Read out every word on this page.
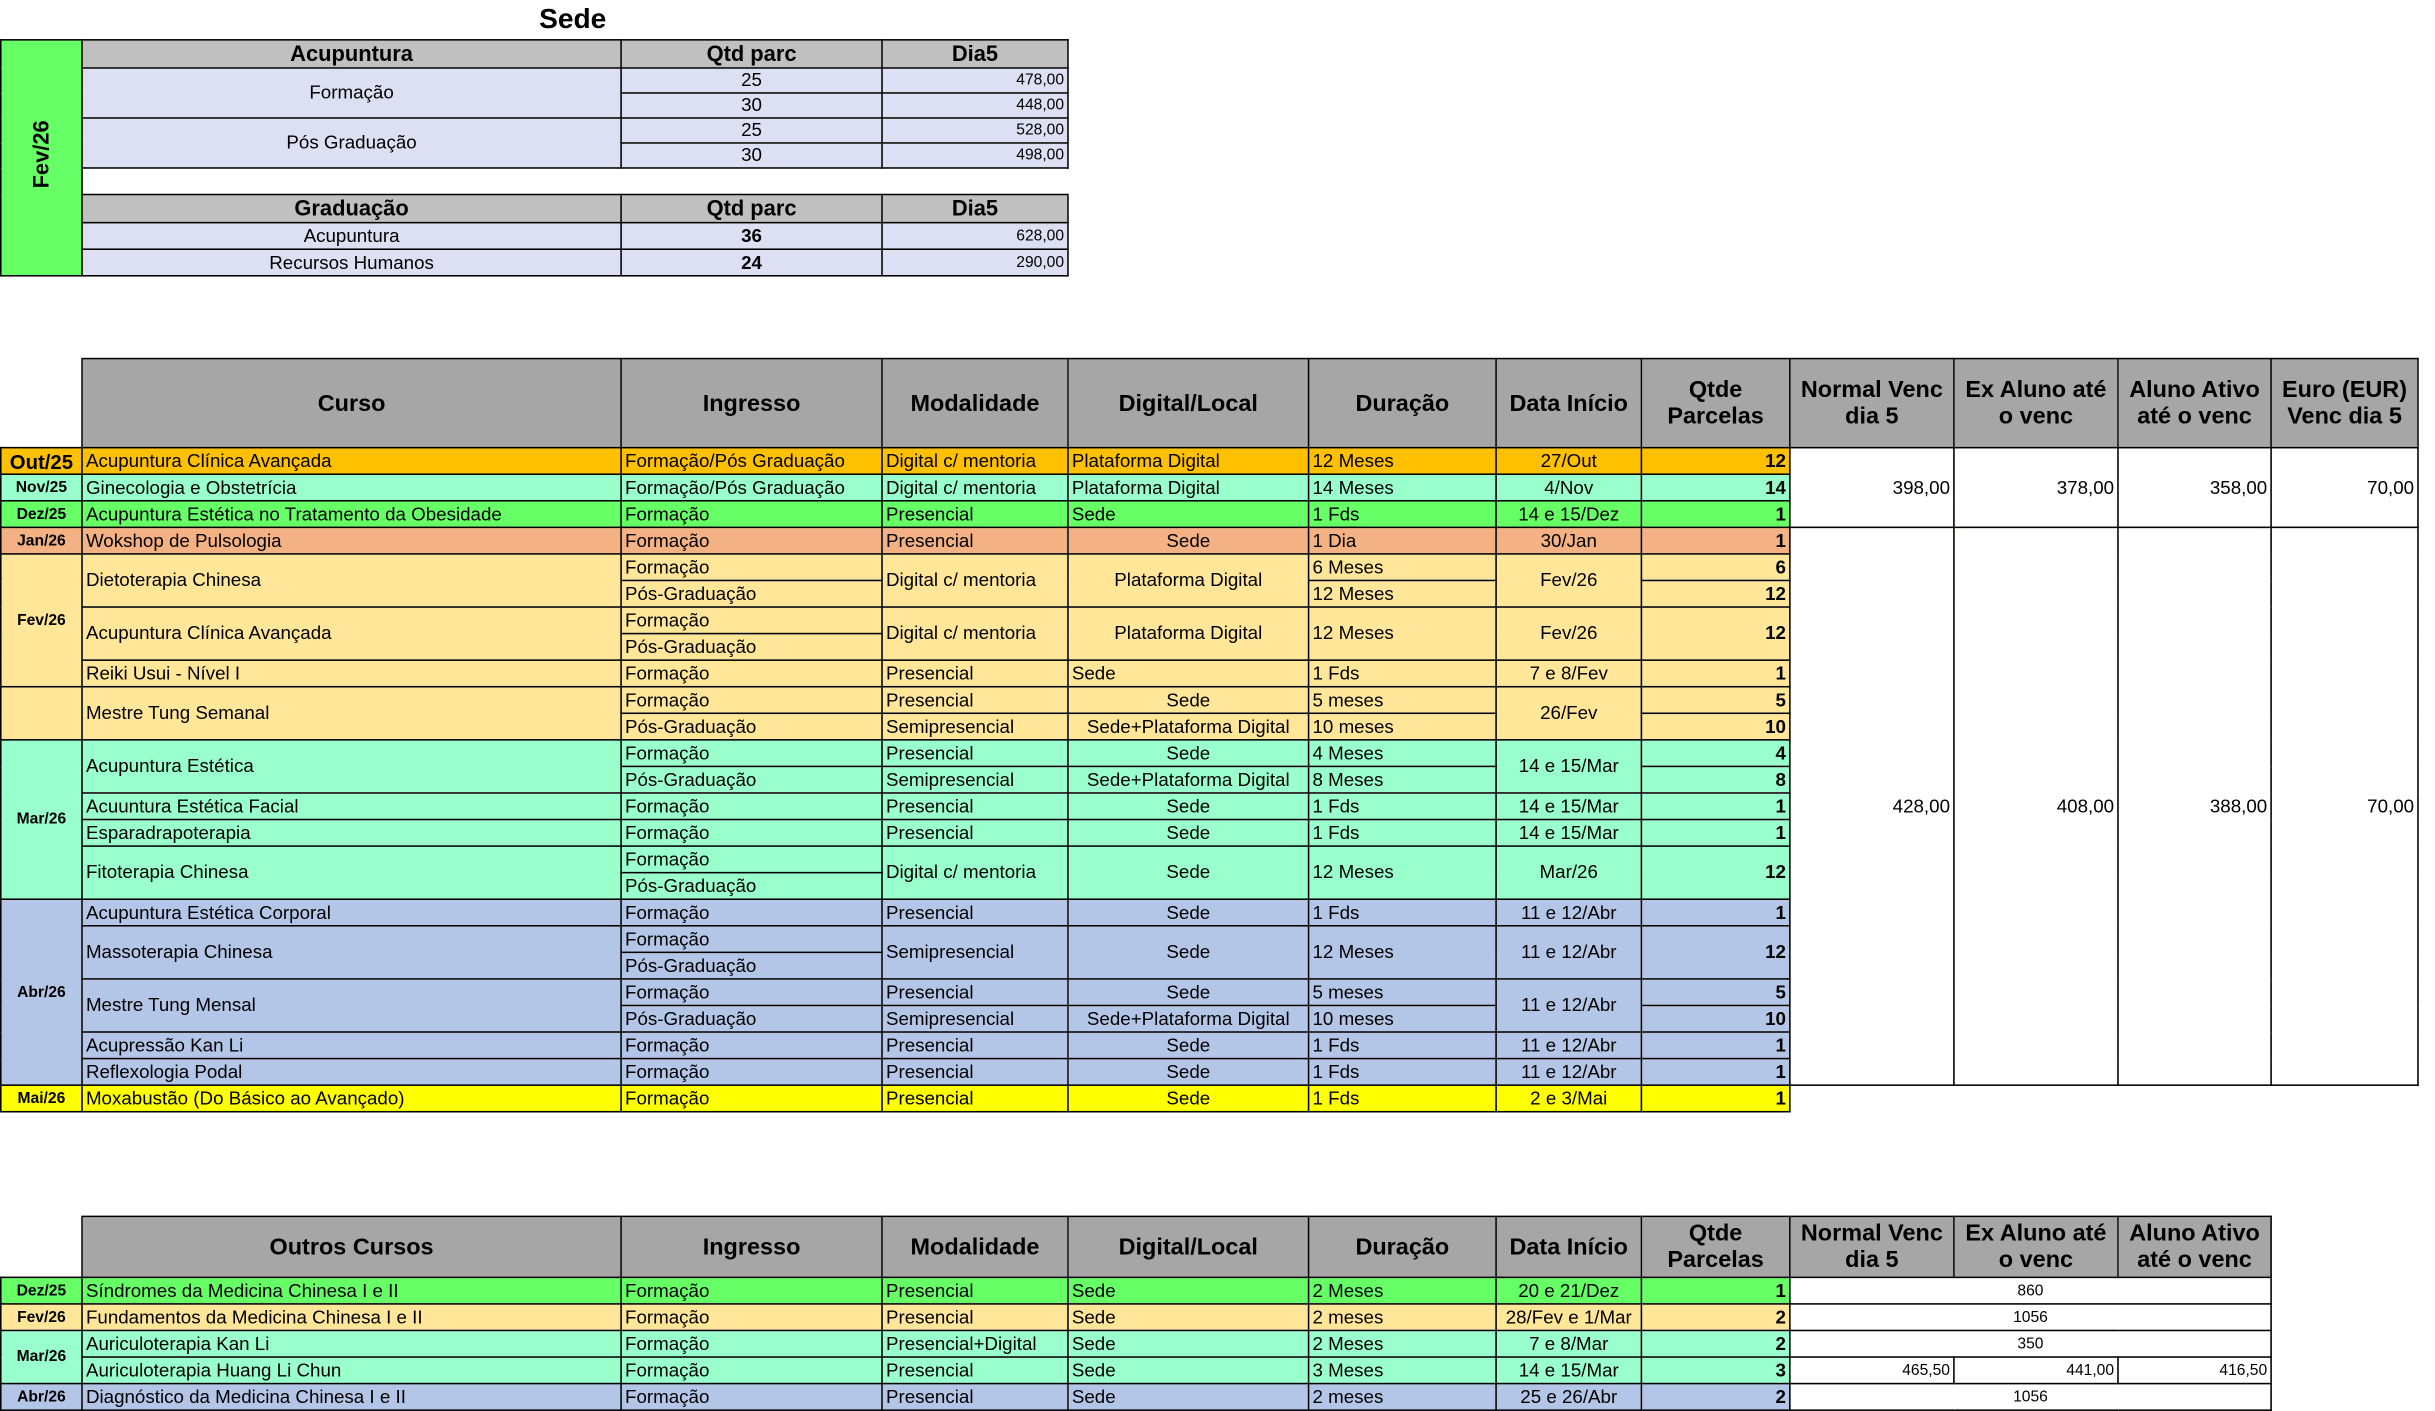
Sede
Fev/26	Acupuntura	Qtd parc	Dia5
	Formação	25	478,00
		30	448,00
	Pós Graduação	25	528,00
		30	498,00

	Graduação	Qtd parc	Dia5
	Acupuntura	36	628,00
	Recursos Humanos	24	290,00
	Curso	Ingresso	Modalidade	Digital/Local	Duração	Data Início	Qtde Parcelas	Normal Venc dia 5	Ex Aluno até o venc	Aluno Ativo até o venc	Euro (EUR) Venc dia 5
Out/25	Acupuntura Clínica Avançada	Formação/Pós Graduação	Digital c/ mentoria	Plataforma Digital	12 Meses	27/Out	12	398,00	378,00	358,00	70,00
Nov/25	Ginecologia e Obstetrícia	Formação/Pós Graduação	Digital c/ mentoria	Plataforma Digital	14 Meses	4/Nov	14				
Dez/25	Acupuntura Estética no Tratamento da Obesidade	Formação	Presencial	Sede	1 Fds	14 e 15/Dez	1				
Jan/26	Wokshop de Pulsologia	Formação	Presencial	Sede	1 Dia	30/Jan	1	428,00	408,00	388,00	70,00
Fev/26	Dietoterapia Chinesa	Formação	Digital c/ mentoria	Plataforma Digital	6 Meses	Fev/26	6				
		Pós-Graduação			12 Meses		12				
	Acupuntura Clínica Avançada	Formação	Digital c/ mentoria	Plataforma Digital	12 Meses	Fev/26	12				
		Pós-Graduação									
	Reiki Usui - Nível I	Formação	Presencial	Sede	1 Fds	7 e 8/Fev	1				
	Mestre Tung Semanal	Formação	Presencial	Sede	5 meses	26/Fev	5				
		Pós-Graduação	Semipresencial	Sede+Plataforma Digital	10 meses		10				
Mar/26	Acupuntura Estética	Formação	Presencial	Sede	4 Meses	14 e 15/Mar	4				
		Pós-Graduação	Semipresencial	Sede+Plataforma Digital	8 Meses		8				
	Acuuntura Estética Facial	Formação	Presencial	Sede	1 Fds	14 e 15/Mar	1				
	Esparadrapoterapia	Formação	Presencial	Sede	1 Fds	14 e 15/Mar	1				
	Fitoterapia Chinesa	Formação	Digital c/ mentoria	Sede	12 Meses	Mar/26	12				
		Pós-Graduação									
Abr/26	Acupuntura Estética Corporal	Formação	Presencial	Sede	1 Fds	11 e 12/Abr	1				
	Massoterapia Chinesa	Formação	Semipresencial	Sede	12 Meses	11 e 12/Abr	12				
		Pós-Graduação									
	Mestre Tung Mensal	Formação	Presencial	Sede	5 meses	11 e 12/Abr	5				
		Pós-Graduação	Semipresencial	Sede+Plataforma Digital	10 meses		10				
	Acupressão Kan Li	Formação	Presencial	Sede	1 Fds	11 e 12/Abr	1				
	Reflexologia Podal	Formação	Presencial	Sede	1 Fds	11 e 12/Abr	1				
Mai/26	Moxabustão (Do Básico ao Avançado)	Formação	Presencial	Sede	1 Fds	2 e 3/Mai	1				
	Outros Cursos	Ingresso	Modalidade	Digital/Local	Duração	Data Início	Qtde Parcelas	Normal Venc dia 5	Ex Aluno até o venc	Aluno Ativo até o venc
Dez/25	Síndromes da Medicina Chinesa I e II	Formação	Presencial	Sede	2 Meses	20 e 21/Dez	1	860		
Fev/26	Fundamentos da Medicina Chinesa I e II	Formação	Presencial	Sede	2 meses	28/Fev e 1/Mar	2	1056		
Mar/26	Auriculoterapia Kan Li	Formação	Presencial+Digital	Sede	2 Meses	7 e 8/Mar	2	350		
	Auriculoterapia Huang Li Chun	Formação	Presencial	Sede	3 Meses	14 e 15/Mar	3	465,50	441,00	416,50
Abr/26	Diagnóstico da Medicina Chinesa I e II	Formação	Presencial	Sede	2 meses	25 e 26/Abr	2	1056		
